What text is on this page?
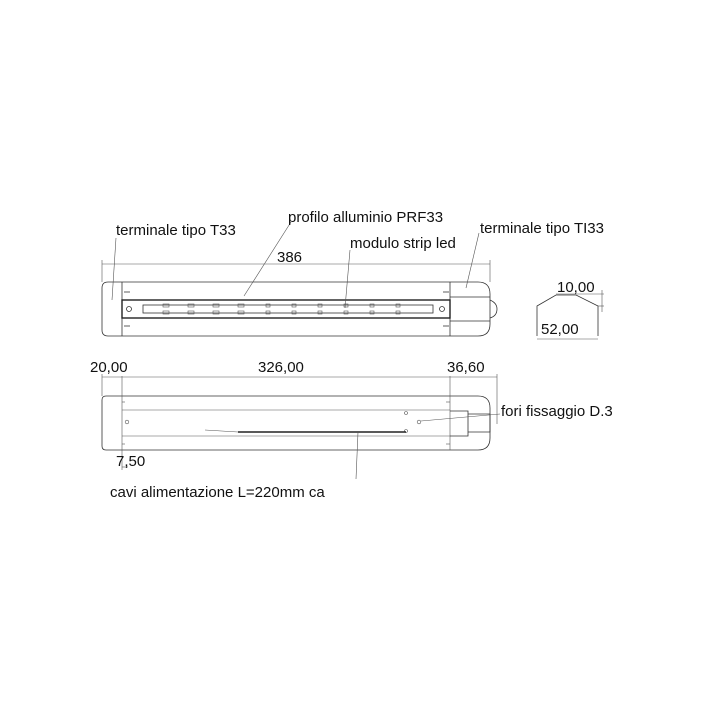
386
terminale tipo T33
profilo alluminio PRF33
modulo strip led
terminale tipo TI33
10,00
52,00
20,00	326,00	36,60
7,50
fori fissaggio D.3
cavi alimentazione L=220mm ca
